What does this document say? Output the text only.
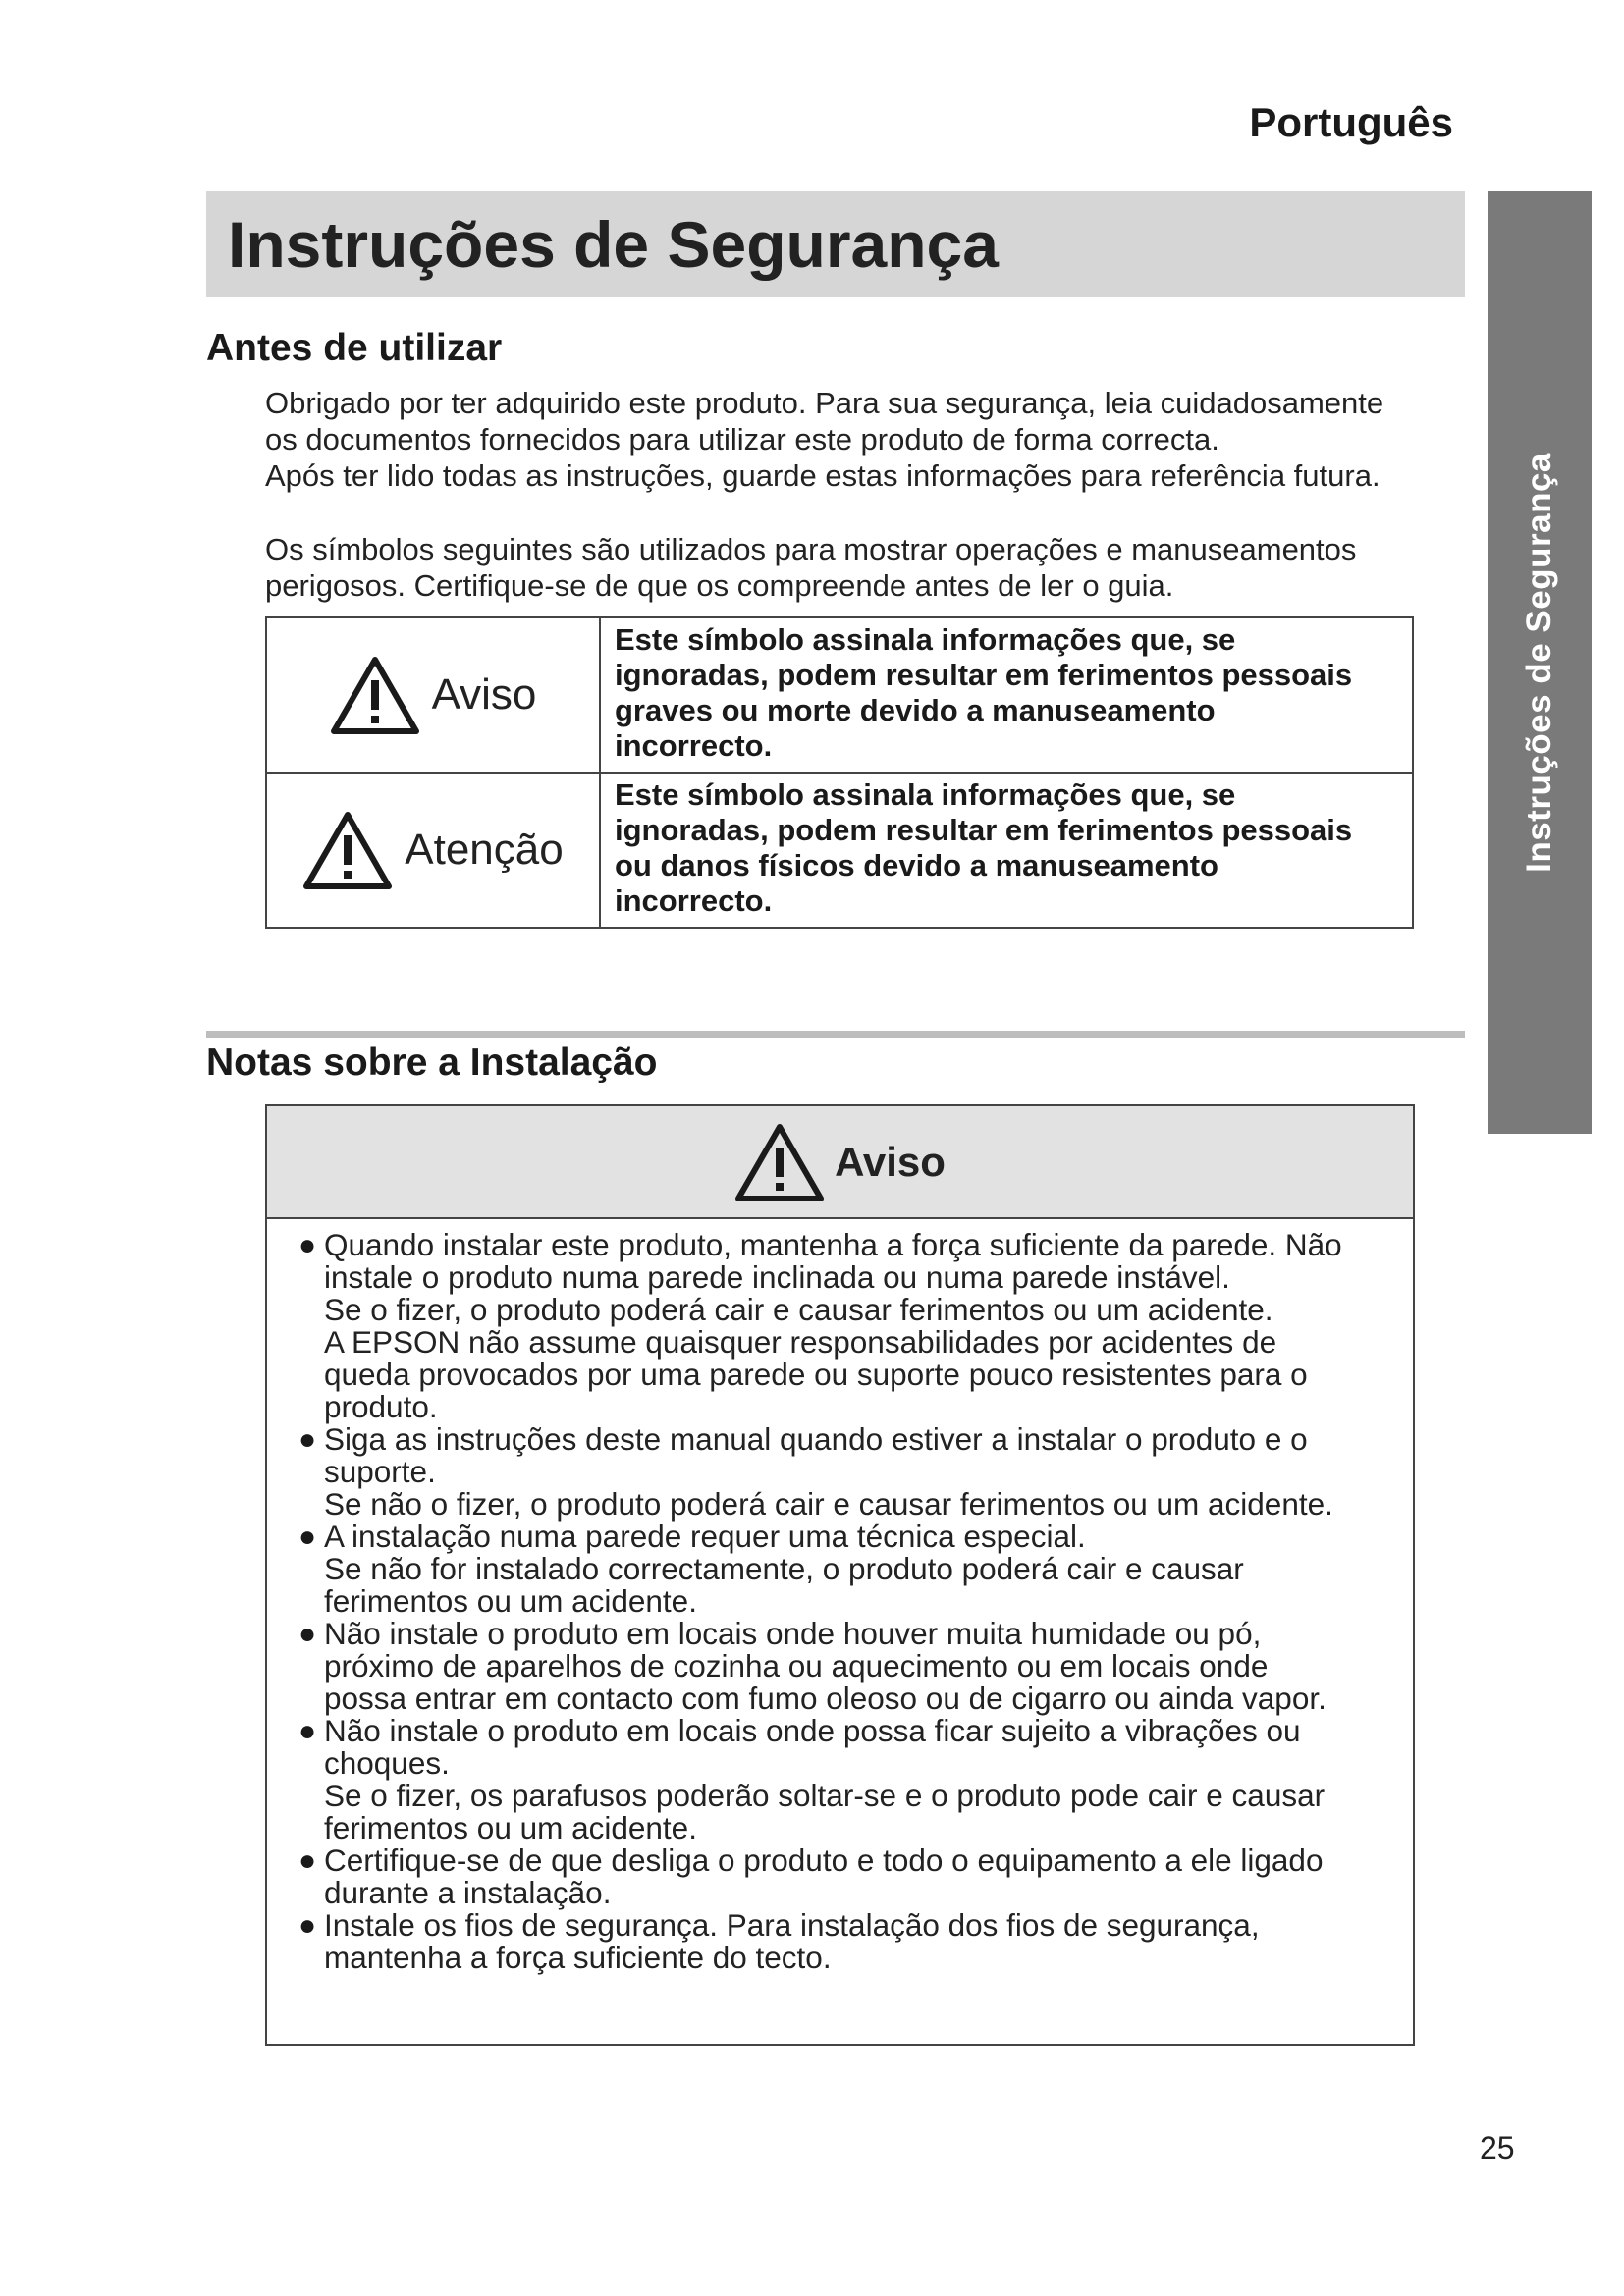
Português
Instruções de Segurança
Instruções de Segurança
Antes de utilizar
Obrigado por ter adquirido este produto. Para sua segurança, leia cuidadosamente
os documentos fornecidos para utilizar este produto de forma correcta.
Após ter lido todas as instruções, guarde estas informações para referência futura.
Os símbolos seguintes são utilizados para mostrar operações e manuseamentos
perigosos. Certifique-se de que os compreende antes de ler o guia.
Aviso	Este símbolo assinala informações que, se
ignoradas, podem resultar em ferimentos pessoais
graves ou morte devido a manuseamento
incorrecto.

Atenção	Este símbolo assinala informações que, se
ignoradas, podem resultar em ferimentos pessoais
ou danos físicos devido a manuseamento
incorrecto.
Notas sobre a Instalação
Aviso
● Quando instalar este produto, mantenha a força suficiente da parede. Não
instale o produto numa parede inclinada ou numa parede instável.
Se o fizer, o produto poderá cair e causar ferimentos ou um acidente.
A EPSON não assume quaisquer responsabilidades por acidentes de
queda provocados por uma parede ou suporte pouco resistentes para o
produto.
● Siga as instruções deste manual quando estiver a instalar o produto e o
suporte.
Se não o fizer, o produto poderá cair e causar ferimentos ou um acidente.
● A instalação numa parede requer uma técnica especial.
Se não for instalado correctamente, o produto poderá cair e causar
ferimentos ou um acidente.
● Não instale o produto em locais onde houver muita humidade ou pó,
próximo de aparelhos de cozinha ou aquecimento ou em locais onde
possa entrar em contacto com fumo oleoso ou de cigarro ou ainda vapor.
● Não instale o produto em locais onde possa ficar sujeito a vibrações ou
choques.
Se o fizer, os parafusos poderão soltar-se e o produto pode cair e causar
ferimentos ou um acidente.
● Certifique-se de que desliga o produto e todo o equipamento a ele ligado
durante a instalação.
● Instale os fios de segurança. Para instalação dos fios de segurança,
mantenha a força suficiente do tecto.
25
